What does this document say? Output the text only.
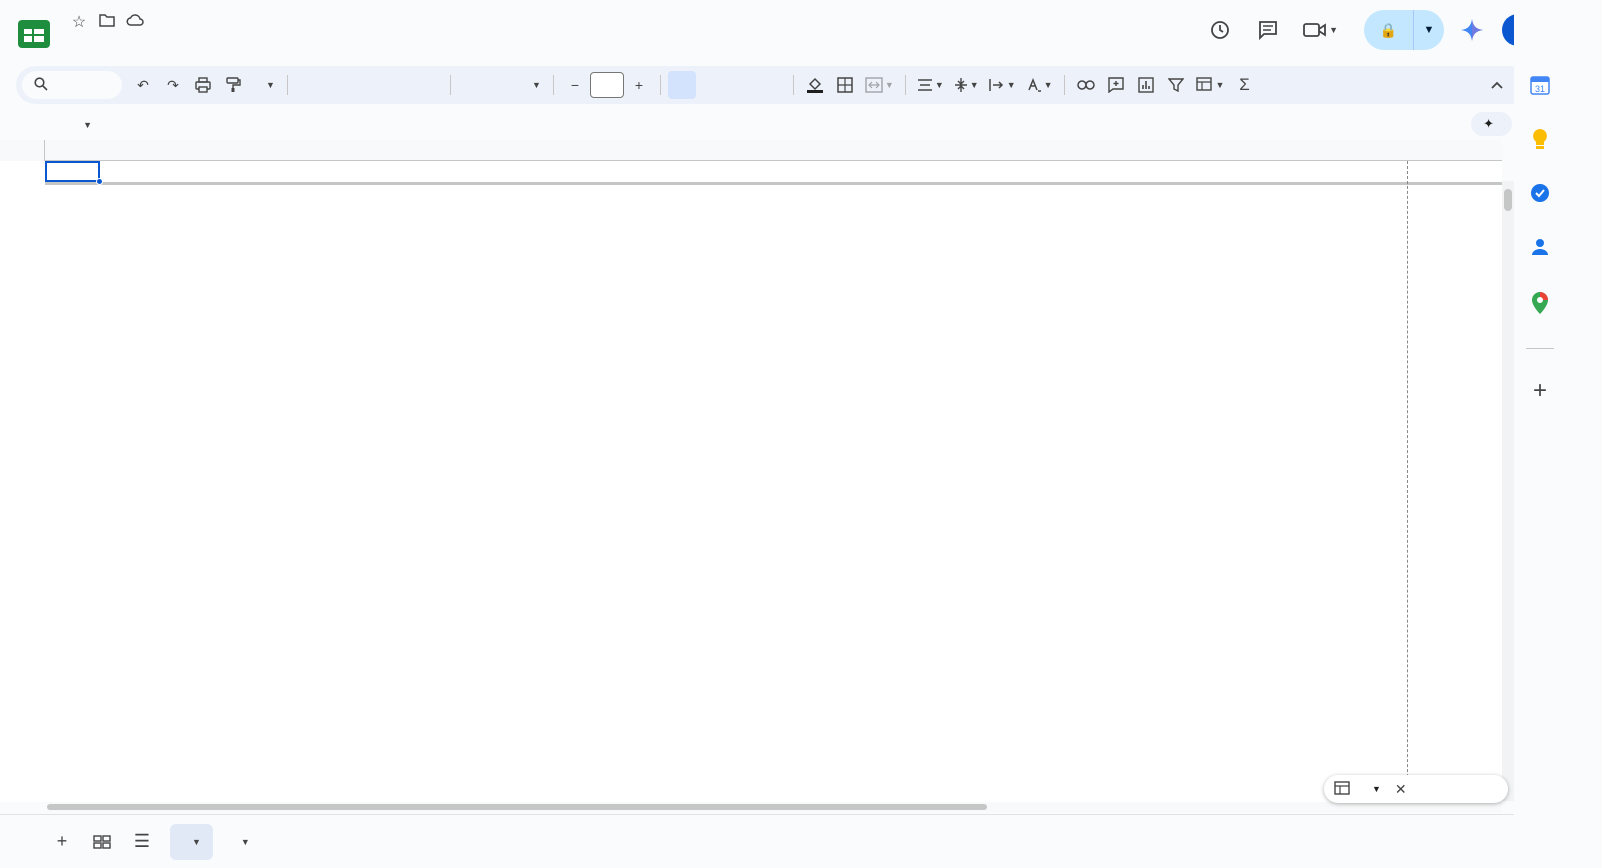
☆	▼	🔒	▼
↶	↷	▼	▼	−	+	▼	▼	▼	▼	▼	▼ Σ
▼	✦
▼ ✕
+	☰	▼	▼
31
+
